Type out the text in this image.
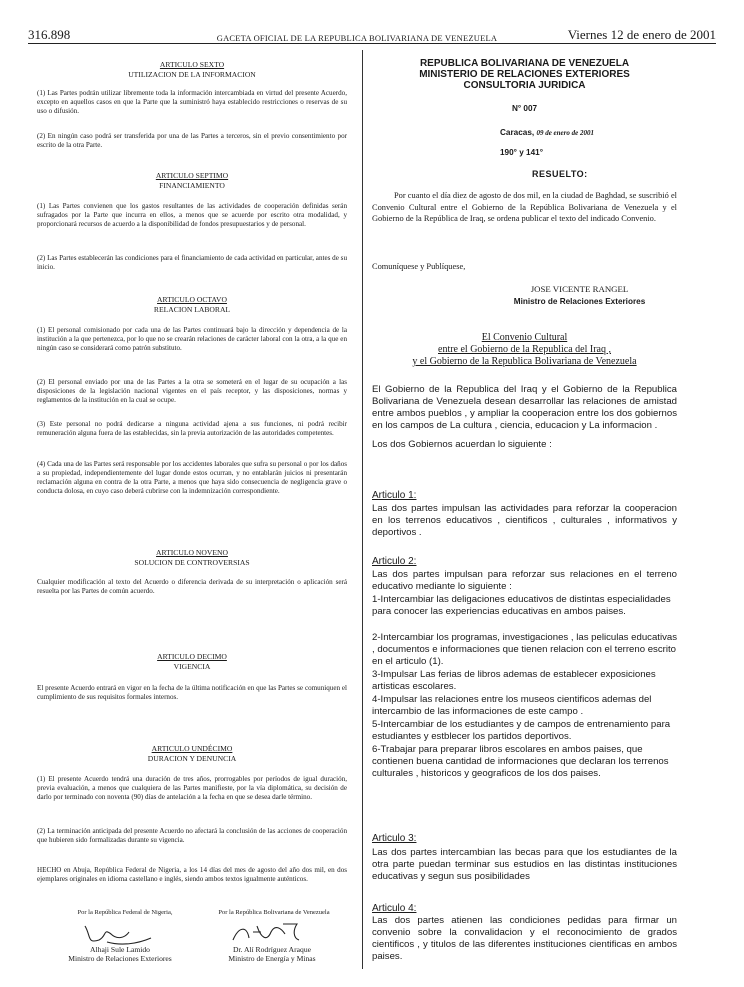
316.898	GACETA OFICIAL DE LA REPUBLICA BOLIVARIANA DE VENEZUELA	Viernes 12 de enero de 2001
ARTICULO SEXTO
UTILIZACION DE LA INFORMACION

(1) Las Partes podrán utilizar libremente toda la información intercambiada en virtud del presente Acuerdo, excepto en aquellos casos en que la Parte que la suministró haya establecido restricciones o reservas de su uso o difusión.

(2) En ningún caso podrá ser transferida por una de las Partes a terceros, sin el previo consentimiento por escrito de la otra Parte.

ARTICULO SEPTIMO
FINANCIAMIENTO

(1) Las Partes convienen que los gastos resultantes de las actividades de cooperación definidas serán sufragados por la Parte que incurra en ellos, a menos que se acuerde por escrito otra modalidad, y proporcionará recursos de acuerdo a la disponibilidad de fondos presupuestarios y de personal.

(2) Las Partes establecerán las condiciones para el financiamiento de cada actividad en particular, antes de su inicio.

ARTICULO OCTAVO
RELACION LABORAL

(1) El personal comisionado por cada una de las Partes continuará bajo la dirección y dependencia de la institución a la que pertenezca, por lo que no se crearán relaciones de carácter laboral con la otra, a la que en ningún caso se considerará como patrón substituto.

(2) El personal enviado por una de las Partes a la otra se someterá en el lugar de su ocupación a las disposiciones de la legislación nacional vigentes en el país receptor, y las disposiciones, normas y reglamentos de la institución en la cual se ocupe.

(3) Este personal no podrá dedicarse a ninguna actividad ajena a sus funciones, ni podrá recibir remuneración alguna fuera de las establecidas, sin la previa autorización de las autoridades competentes.

(4) Cada una de las Partes será responsable por los accidentes laborales que sufra su personal o por los daños a su propiedad, independientemente del lugar donde estos ocurran, y no entablarán juicios ni presentarán reclamación alguna en contra de la otra Parte, a menos que haya sido consecuencia de negligencia grave o conducta dolosa, en cuyo caso deberá cubrirse con la indemnización correspondiente.

ARTICULO NOVENO
SOLUCION DE CONTROVERSIAS

Cualquier modificación al texto del Acuerdo o diferencia derivada de su interpretación o aplicación será resuelta por las Partes de común acuerdo.

ARTICULO DECIMO
VIGENCIA

El presente Acuerdo entrará en vigor en la fecha de la última notificación en que las Partes se comuniquen el cumplimiento de sus requisitos formales internos.

ARTICULO UNDÉCIMO
DURACION Y DENUNCIA

(1) El presente Acuerdo tendrá una duración de tres años, prorrogables por períodos de igual duración, previa evaluación, a menos que cualquiera de las Partes manifieste, por la vía diplomática, su decisión de darlo por terminado con noventa (90) días de antelación a la fecha en que se desea darle término.

(2) La terminación anticipada del presente Acuerdo no afectará la conclusión de las acciones de cooperación que hubieren sido formalizadas durante su vigencia.

HECHO en Abuja, República Federal de Nigeria, a los 14 días del mes de agosto del año dos mil, en dos ejemplares originales en idioma castellano e inglés, siendo ambos textos igualmente auténticos.

Por la República Federal de Nigeria,	Por la República Bolivariana de Venezuela
Alhaji Sule Lamido
Ministro de Relaciones Exteriores
Dr. Alí Rodríguez Araque
Ministro de Energía y Minas
REPUBLICA BOLIVARIANA DE VENEZUELA
MINISTERIO DE RELACIONES EXTERIORES
CONSULTORIA JURIDICA
N° 007
Caracas, 09 de enero de 2001
190° y 141°
RESUELTO:

Por cuanto el día diez de agosto de dos mil, en la ciudad de Baghdad, se suscribió el Convenio Cultural entre el Gobierno de la República Bolivariana de Venezuela y el Gobierno de la República de Iraq, se ordena publicar el texto del indicado Convenio.

Comuníquese y Publíquese,
JOSE VICENTE RANGEL
Ministro de Relaciones Exteriores
El Convenio Cultural
entre el Gobierno de la Republica del Iraq ,
y el Gobierno de la Republica Bolivariana de Venezuela

El Gobierno de la Republica del Iraq y el Gobierno de la Republica Bolivariana de Venezuela desean desarrollar las relaciones de amistad entre ambos pueblos , y ampliar la cooperacion entre los dos gobiernos en los campos de La cultura , ciencia, educacion y La informacion .

Los dos Gobiernos acuerdan lo siguiente :

Articulo 1:

Las dos partes impulsan las actividades para reforzar la cooperacion en los terrenos educativos , cientificos , culturales , informativos y deportivos .

Articulo 2:

Las dos partes impulsan para reforzar sus relaciones en el terreno educativo mediante lo siguiente :

1-Intercambiar las deligaciones educativos de distintas especialidades para conocer las experiencias educativas en ambos paises.
2-Intercambiar los programas, investigaciones , las peliculas educativas , documentos e informaciones que tienen relacion con el terreno escrito en el articulo (1).
3-Impulsar Las ferias de libros ademas de establecer exposiciones artisticas escolares.
4-Impulsar las relaciones entre los museos cientificos ademas del intercambio de las informaciones de este campo .
5-Intercambiar de los estudiantes y de campos de entrenamiento para estudiantes y estblecer los partidos deportivos.
6-Trabajar para preparar libros escolares en ambos paises, que contienen buena cantidad de informaciones que declaran los terrenos culturales , historicos y geograficos de los dos paises.
Articulo 3:

Las dos partes intercambian las becas para que los estudiantes de la otra parte puedan terminar sus estudios en las distintas instituciones educativas y segun sus posibilidades

Articulo 4:

Las dos partes atienen las condiciones pedidas para firmar un convenio sobre la convalidacion y el reconocimiento de grados cientificos , y titulos de las diferentes instituciones cientificas en ambos paises.
